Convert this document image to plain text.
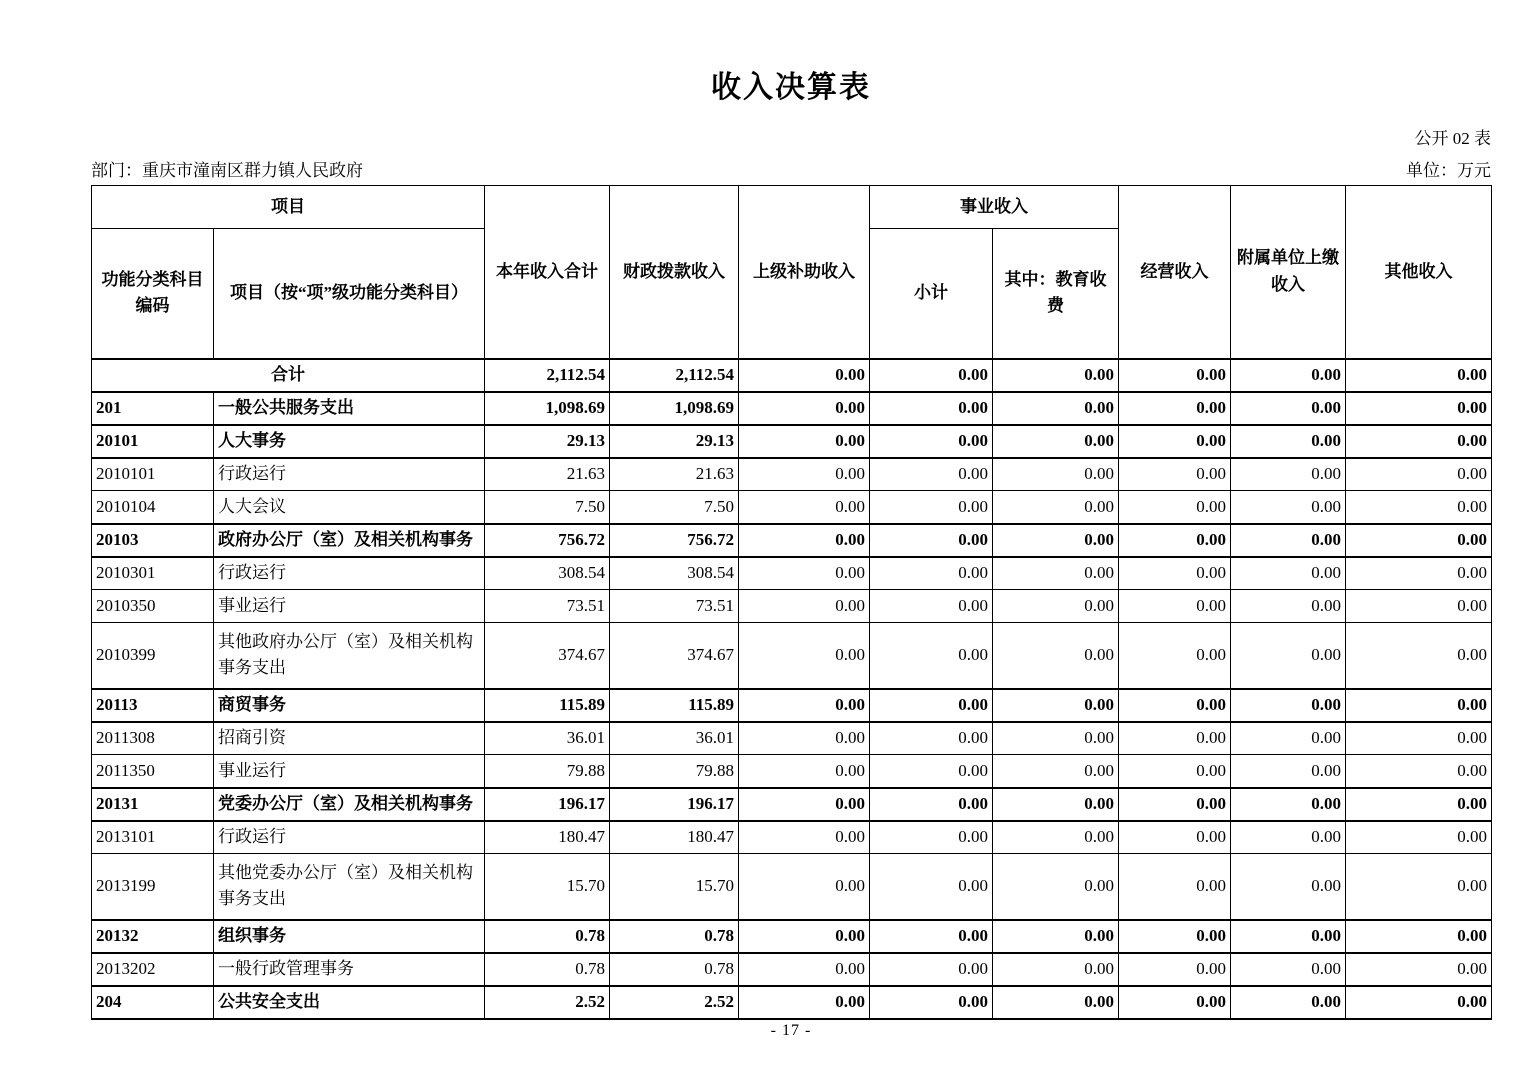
收入决算表
公开 02 表
部门：重庆市潼南区群力镇人民政府	单位：万元
项目		本年收入合计	财政拨款收入	上级补助收入	事业收入		经营收入	附属单位上缴收入	其他收入
功能分类科目编码	项目（按“项”级功能分类科目）				小计	其中：教育收费			
合计		2,112.54	2,112.54	0.00	0.00	0.00	0.00	0.00	0.00
201	一般公共服务支出	1,098.69	1,098.69	0.00	0.00	0.00	0.00	0.00	0.00
20101	人大事务	29.13	29.13	0.00	0.00	0.00	0.00	0.00	0.00
2010101	行政运行	21.63	21.63	0.00	0.00	0.00	0.00	0.00	0.00
2010104	人大会议	7.50	7.50	0.00	0.00	0.00	0.00	0.00	0.00
20103	政府办公厅（室）及相关机构事务	756.72	756.72	0.00	0.00	0.00	0.00	0.00	0.00
2010301	行政运行	308.54	308.54	0.00	0.00	0.00	0.00	0.00	0.00
2010350	事业运行	73.51	73.51	0.00	0.00	0.00	0.00	0.00	0.00
2010399	其他政府办公厅（室）及相关机构事务支出	374.67	374.67	0.00	0.00	0.00	0.00	0.00	0.00
20113	商贸事务	115.89	115.89	0.00	0.00	0.00	0.00	0.00	0.00
2011308	招商引资	36.01	36.01	0.00	0.00	0.00	0.00	0.00	0.00
2011350	事业运行	79.88	79.88	0.00	0.00	0.00	0.00	0.00	0.00
20131	党委办公厅（室）及相关机构事务	196.17	196.17	0.00	0.00	0.00	0.00	0.00	0.00
2013101	行政运行	180.47	180.47	0.00	0.00	0.00	0.00	0.00	0.00
2013199	其他党委办公厅（室）及相关机构事务支出	15.70	15.70	0.00	0.00	0.00	0.00	0.00	0.00
20132	组织事务	0.78	0.78	0.00	0.00	0.00	0.00	0.00	0.00
2013202	一般行政管理事务	0.78	0.78	0.00	0.00	0.00	0.00	0.00	0.00
204	公共安全支出	2.52	2.52	0.00	0.00	0.00	0.00	0.00	0.00
- 17 -
